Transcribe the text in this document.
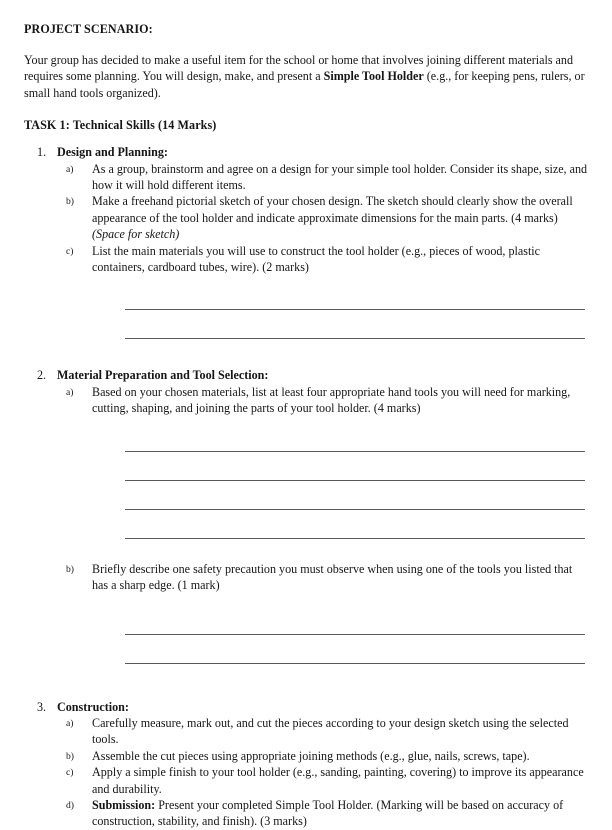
PROJECT SCENARIO:

Your group has decided to make a useful item for the school or home that involves joining different materials and requires some planning. You will design, make, and present a Simple Tool Holder (e.g., for keeping pens, rulers, or small hand tools organized).

TASK 1: Technical Skills (14 Marks)

1. Design and Planning:
a) As a group, brainstorm and agree on a design for your simple tool holder. Consider its shape, size, and how it will hold different items.
b) Make a freehand pictorial sketch of your chosen design. The sketch should clearly show the overall appearance of the tool holder and indicate approximate dimensions for the main parts. (4 marks) (Space for sketch)
c) List the main materials you will use to construct the tool holder (e.g., pieces of wood, plastic containers, cardboard tubes, wire). (2 marks)
2. Material Preparation and Tool Selection:
a) Based on your chosen materials, list at least four appropriate hand tools you will need for marking, cutting, shaping, and joining the parts of your tool holder. (4 marks)
b) Briefly describe one safety precaution you must observe when using one of the tools you listed that has a sharp edge. (1 mark)
3. Construction:
a) Carefully measure, mark out, and cut the pieces according to your design sketch using the selected tools.
b) Assemble the cut pieces using appropriate joining methods (e.g., glue, nails, screws, tape).
c) Apply a simple finish to your tool holder (e.g., sanding, painting, covering) to improve its appearance and durability.
d) Submission: Present your completed Simple Tool Holder. (Marking will be based on accuracy of construction, stability, and finish). (3 marks)
